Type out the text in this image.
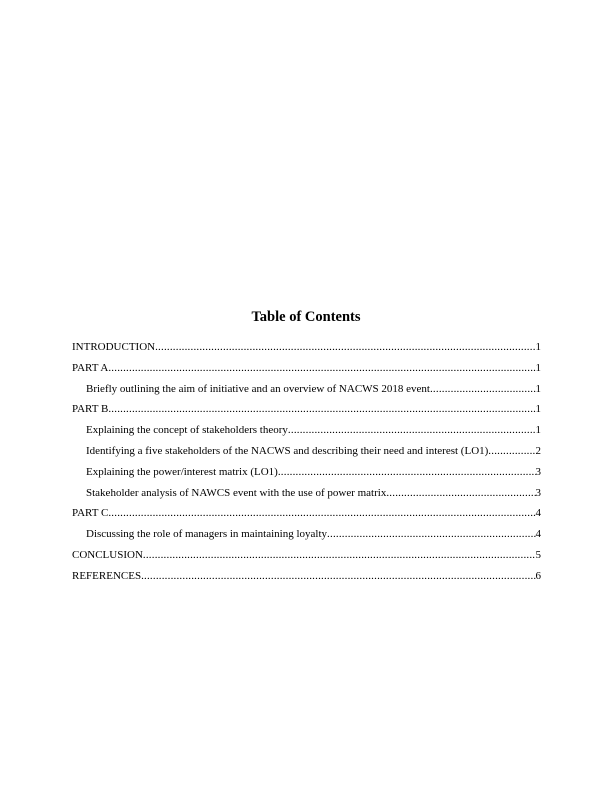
Table of Contents
INTRODUCTION .....	1
PART A .....	1
Briefly outlining the aim of initiative and an overview of NACWS 2018 event .....	1
PART B .....	1
Explaining the concept of stakeholders theory .....	1
Identifying a five stakeholders of the NACWS and describing their need and interest (LO1) .....	2
Explaining the power/interest matrix (LO1) .....	3
Stakeholder analysis of NAWCS event with the use of power matrix .....	3
PART C .....	4
Discussing the role of managers in maintaining loyalty .....	4
CONCLUSION .....	5
REFERENCES .....	6
